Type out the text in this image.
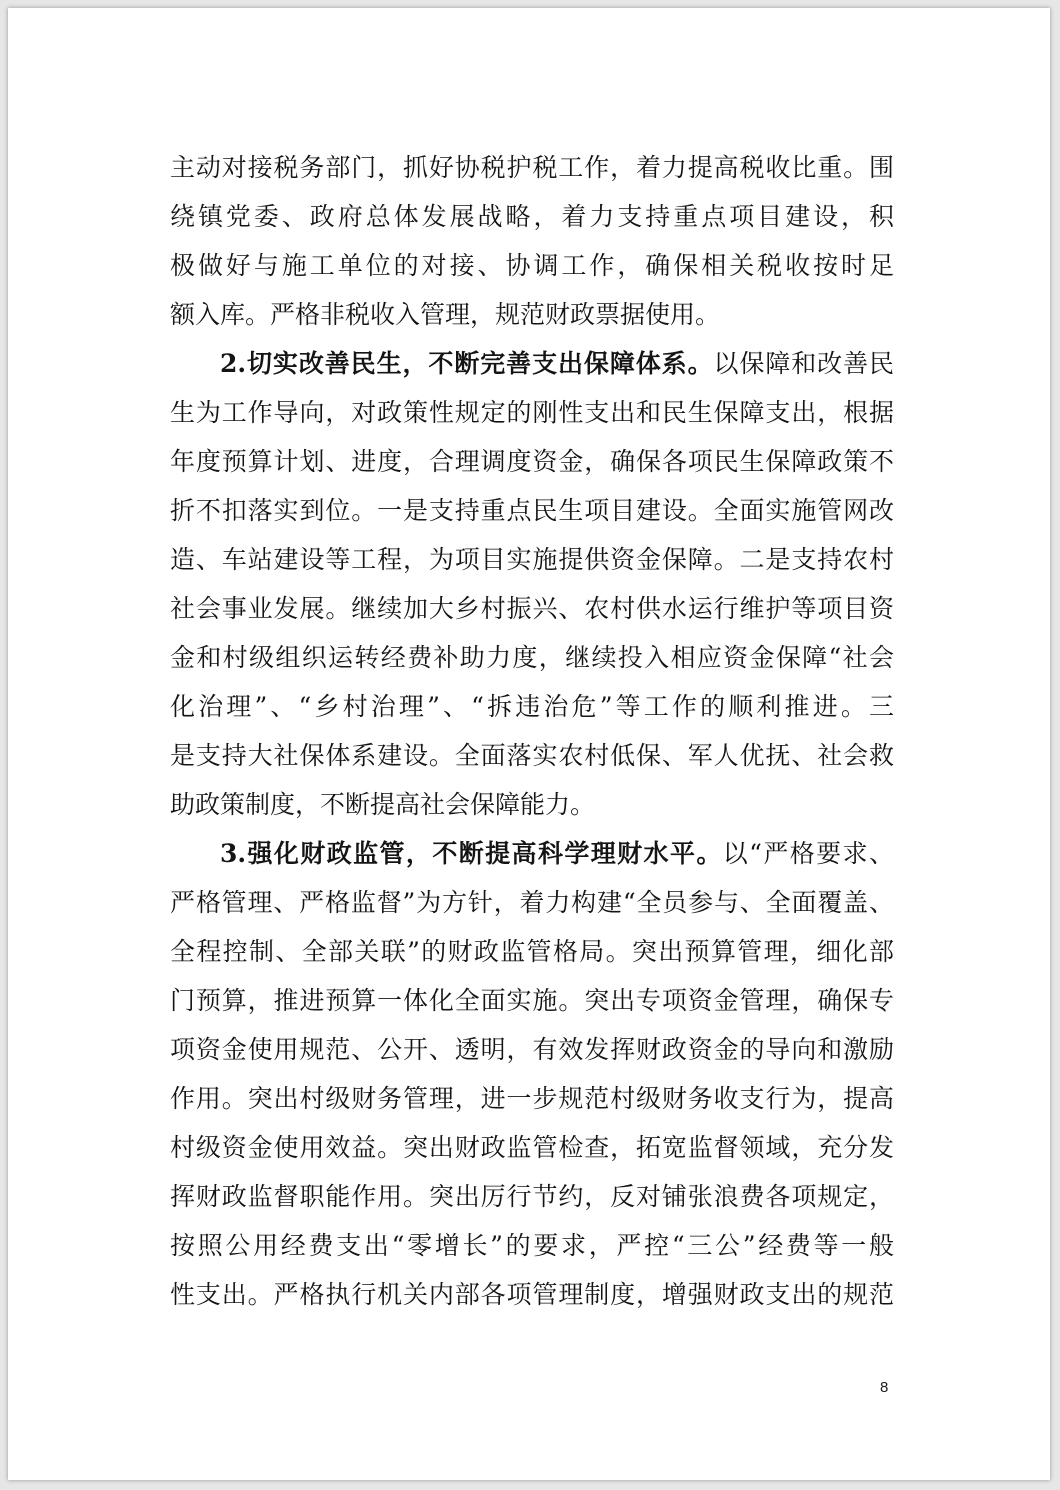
主动对接税务部门，抓好协税护税工作，着力提高税收比重。围
绕镇党委、政府总体发展战略，着力支持重点项目建设，积
极做好与施工单位的对接、协调工作，确保相关税收按时足
额入库。严格非税收入管理，规范财政票据使用。
2.切实改善民生，不断完善支出保障体系。以保障和改善民
生为工作导向，对政策性规定的刚性支出和民生保障支出，根据
年度预算计划、进度，合理调度资金，确保各项民生保障政策不
折不扣落实到位。一是支持重点民生项目建设。全面实施管网改
造、车站建设等工程，为项目实施提供资金保障。二是支持农村
社会事业发展。继续加大乡村振兴、农村供水运行维护等项目资
金和村级组织运转经费补助力度，继续投入相应资金保障“社会
化治理”、“乡村治理”、“拆违治危”等工作的顺利推进。三
是支持大社保体系建设。全面落实农村低保、军人优抚、社会救
助政策制度，不断提高社会保障能力。
3.强化财政监管，不断提高科学理财水平。以“严格要求、
严格管理、严格监督”为方针，着力构建“全员参与、全面覆盖、
全程控制、全部关联”的财政监管格局。突出预算管理，细化部
门预算，推进预算一体化全面实施。突出专项资金管理，确保专
项资金使用规范、公开、透明，有效发挥财政资金的导向和激励
作用。突出村级财务管理，进一步规范村级财务收支行为，提高
村级资金使用效益。突出财政监管检查，拓宽监督领域，充分发
挥财政监督职能作用。突出厉行节约，反对铺张浪费各项规定，
按照公用经费支出“零增长”的要求，严控“三公”经费等一般
性支出。严格执行机关内部各项管理制度，增强财政支出的规范
8
